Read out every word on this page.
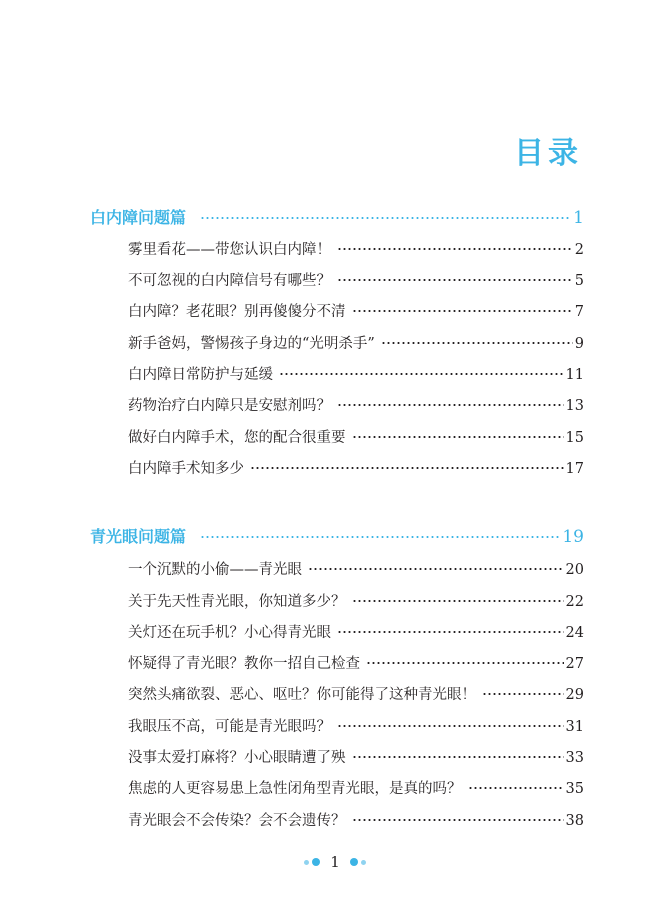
目录
白内障问题篇	1
雾里看花——带您认识白内障！	2
不可忽视的白内障信号有哪些？	5
白内障？老花眼？别再傻傻分不清	7
新手爸妈，警惕孩子身边的“光明杀手”	9
白内障日常防护与延缓	11
药物治疗白内障只是安慰剂吗？	13
做好白内障手术，您的配合很重要	15
白内障手术知多少	17
青光眼问题篇	19
一个沉默的小偷——青光眼	20
关于先天性青光眼，你知道多少？	22
关灯还在玩手机？小心得青光眼	24
怀疑得了青光眼？教你一招自己检查	27
突然头痛欲裂、恶心、呕吐？你可能得了这种青光眼！	29
我眼压不高，可能是青光眼吗？	31
没事太爱打麻将？小心眼睛遭了殃	33
焦虑的人更容易患上急性闭角型青光眼，是真的吗？	35
青光眼会不会传染？会不会遗传？	38
1
